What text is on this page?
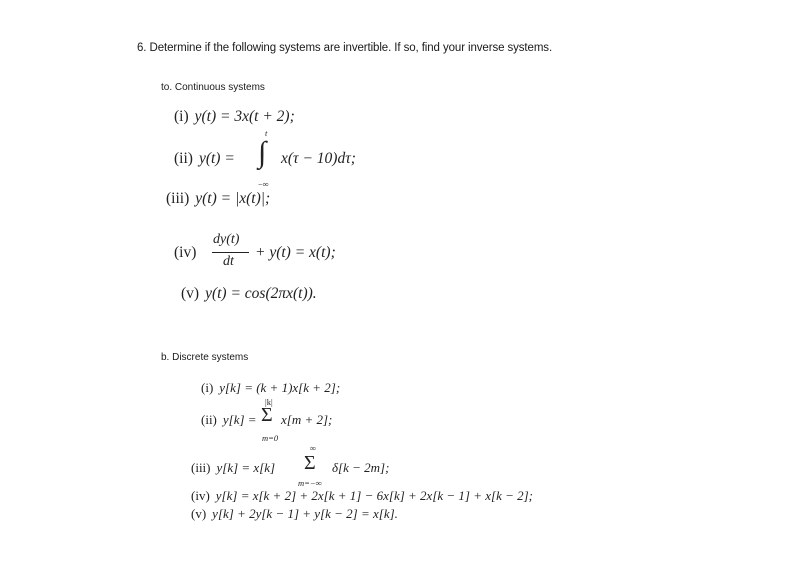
6. Determine if the following systems are invertible. If so, find your inverse systems.
to. Continuous systems
(i) y(t) = 3x(t + 2);
(ii) y(t) = ∫
t
−∞
x(τ − 10)dτ;
(iii) y(t) = |x(t)|;
(iv)
dy(t)
dt
+ y(t) = x(t);
(v) y(t) = cos(2πx(t)).
b. Discrete systems
(i) y[k] = (k + 1)x[k + 2];
(ii) y[k] =
|k|
Σ
m=0
x[m + 2];
(iii) y[k] = x[k]
∞
Σ
m=−∞
δ[k − 2m];
(iv) y[k] = x[k + 2] + 2x[k + 1] − 6x[k] + 2x[k − 1] + x[k − 2];
(v) y[k] + 2y[k − 1] + y[k − 2] = x[k].
